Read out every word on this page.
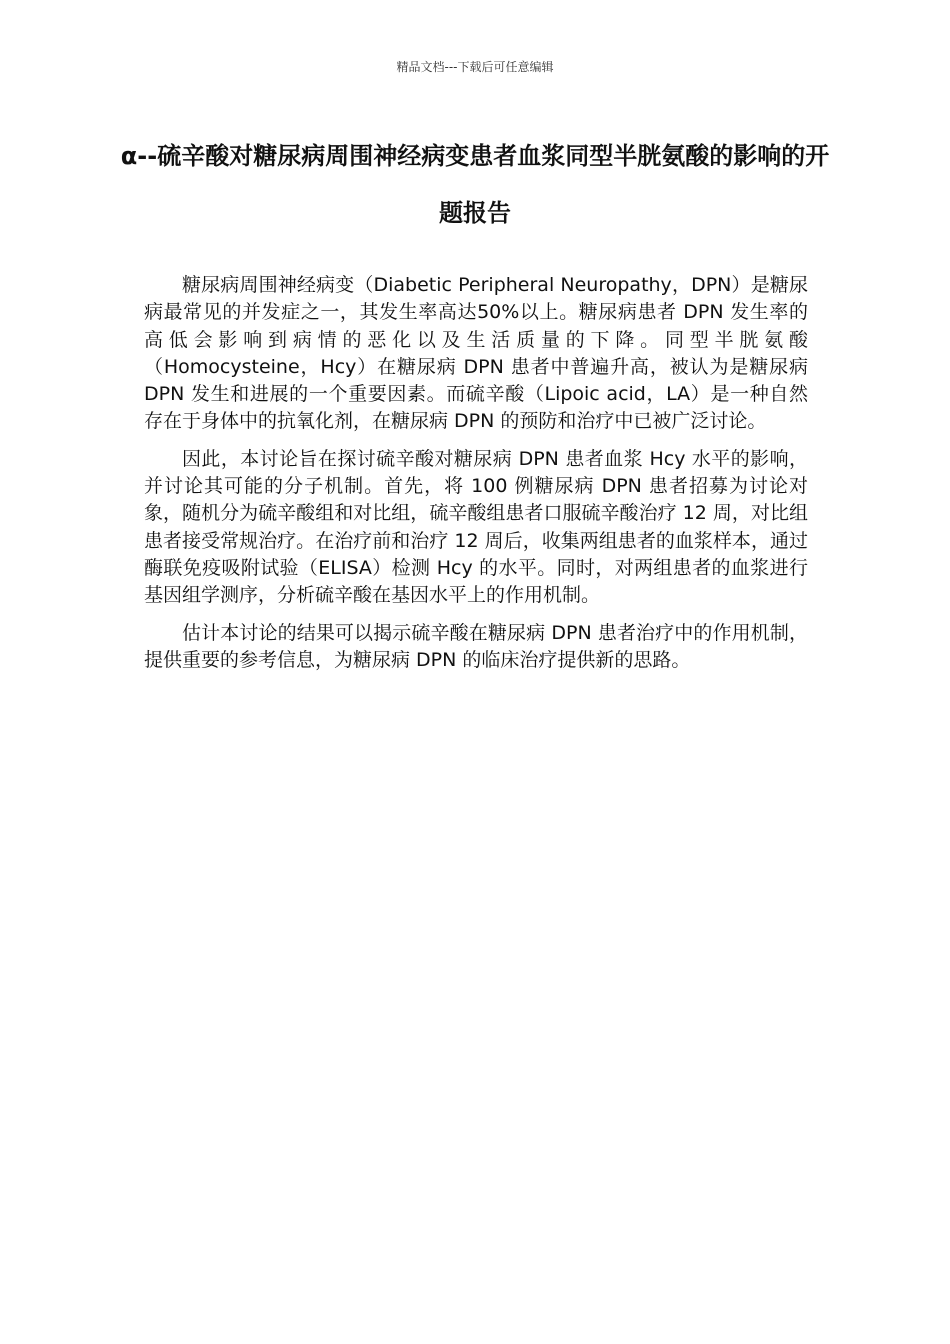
精品文档---下载后可任意编辑
α--硫辛酸对糖尿病周围神经病变患者血浆同型半胱氨酸的影响的开题报告

糖尿病周围神经病变（Diabetic Peripheral Neuropathy，DPN）是糖尿病最常见的并发症之一，其发生率高达50%以上。糖尿病患者 DPN 发生率的高低会影响到病情的恶化以及生活质量的下降。同型半胱氨酸（Homocysteine，Hcy）在糖尿病 DPN 患者中普遍升高，被认为是糖尿病 DPN 发生和进展的一个重要因素。而硫辛酸（Lipoic acid，LA）是一种自然存在于身体中的抗氧化剂，在糖尿病 DPN 的预防和治疗中已被广泛讨论。

因此，本讨论旨在探讨硫辛酸对糖尿病 DPN 患者血浆 Hcy 水平的影响，并讨论其可能的分子机制。首先，将 100 例糖尿病 DPN 患者招募为讨论对象，随机分为硫辛酸组和对比组，硫辛酸组患者口服硫辛酸治疗 12 周，对比组患者接受常规治疗。在治疗前和治疗 12 周后，收集两组患者的血浆样本，通过酶联免疫吸附试验（ELISA）检测 Hcy 的水平。同时，对两组患者的血浆进行基因组学测序，分析硫辛酸在基因水平上的作用机制。

估计本讨论的结果可以揭示硫辛酸在糖尿病 DPN 患者治疗中的作用机制，提供重要的参考信息，为糖尿病 DPN 的临床治疗提供新的思路。
